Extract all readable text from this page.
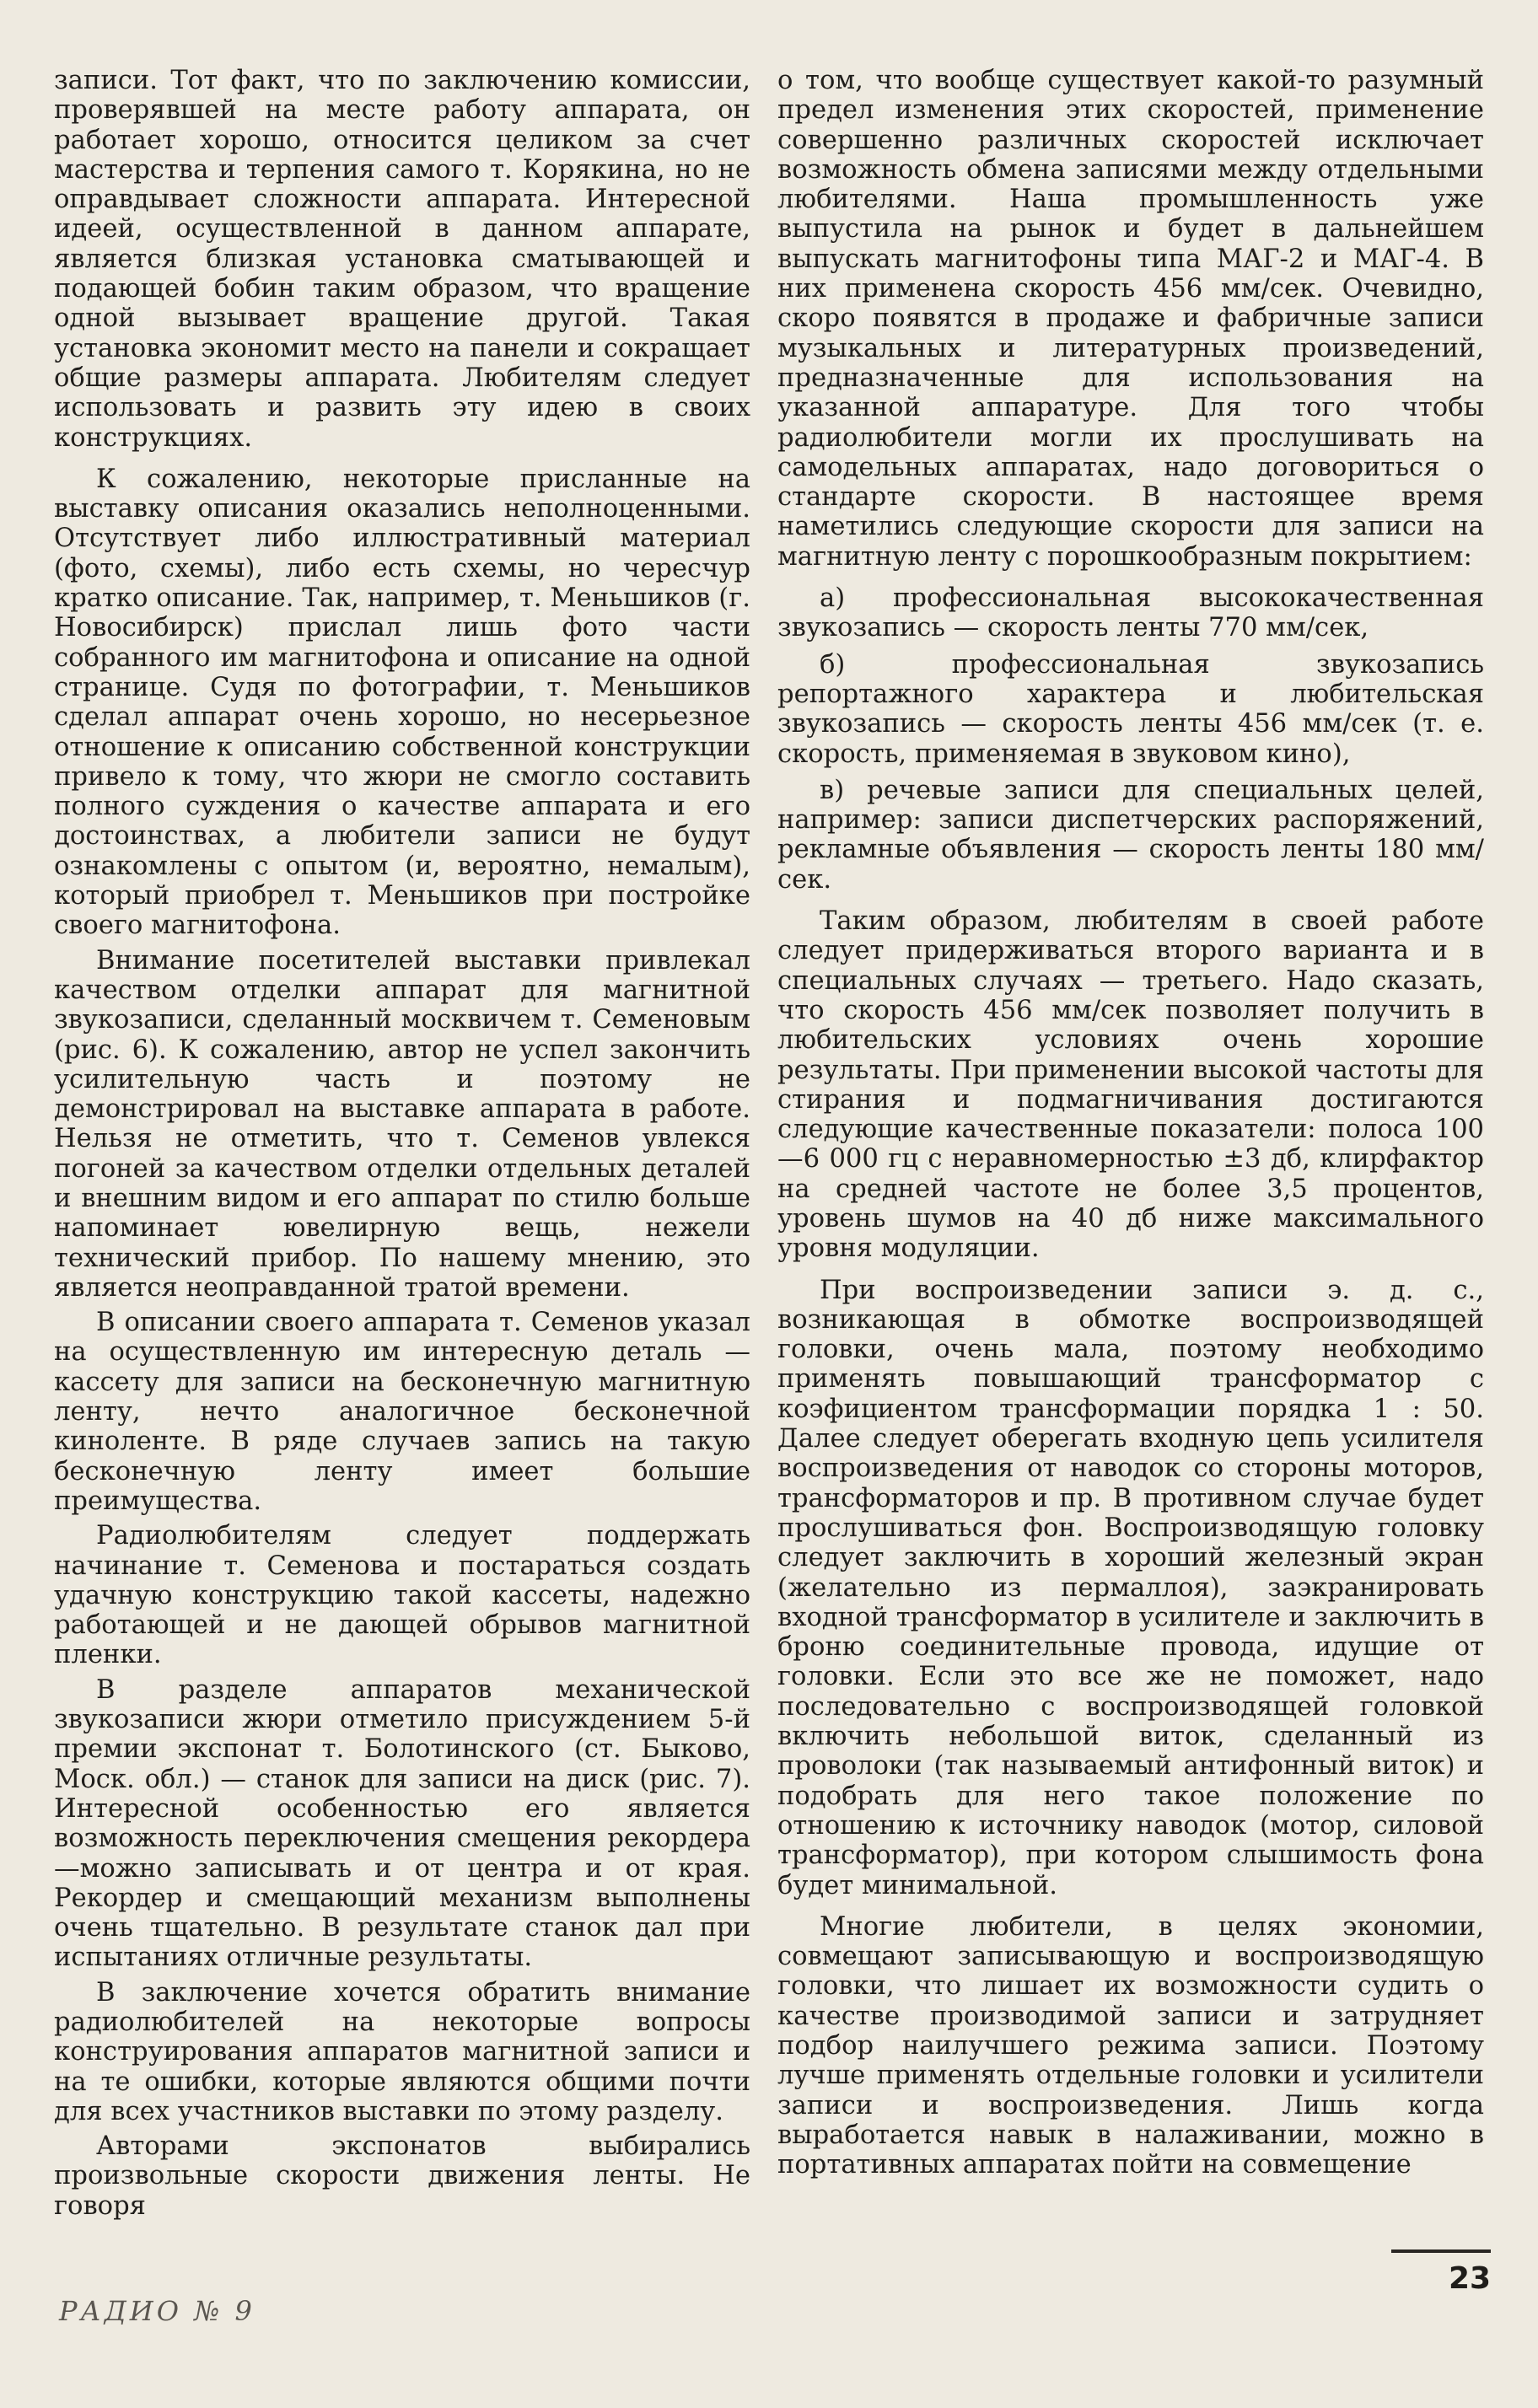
записи. Тот факт, что по заключению комиссии, проверявшей на месте работу аппарата, он работает хорошо, относится целиком за счет мастерства и терпения самого т. Корякина, но не оправдывает сложности аппарата. Интересной идеей, осуществленной в данном аппарате, является близкая установка сматывающей и подающей бобин таким образом, что вращение одной вызывает вращение другой. Такая установка экономит место на панели и сокращает общие размеры аппарата. Любителям следует использовать и развить эту идею в своих конструкциях.

К сожалению, некоторые присланные на выставку описания оказались неполноценными. Отсутствует либо иллюстративный материал (фото, схемы), либо есть схемы, но чересчур кратко описание. Так, например, т. Меньшиков (г. Новосибирск) прислал лишь фото части собранного им магнитофона и описание на одной странице. Судя по фотографии, т. Меньшиков сделал аппарат очень хорошо, но несерьезное отношение к описанию собственной конструкции привело к тому, что жюри не смогло составить полного суждения о качестве аппарата и его достоинствах, а любители записи не будут ознакомлены с опытом (и, вероятно, немалым), который приобрел т. Меньшиков при постройке своего магнитофона.

Внимание посетителей выставки привлекал качеством отделки аппарат для магнитной звукозаписи, сделанный москвичем т. Семеновым (рис. 6). К сожалению, автор не успел закончить усилительную часть и поэтому не демонстрировал на выставке аппарата в работе. Нельзя не отметить, что т. Семенов увлекся погоней за качеством отделки отдельных деталей и внешним видом и его аппарат по стилю больше напоминает ювелирную вещь, нежели технический прибор. По нашему мнению, это является неоправданной тратой времени.

В описании своего аппарата т. Семенов указал на осуществленную им интересную деталь — кассету для записи на бесконечную магнитную ленту, нечто аналогичное бесконечной киноленте. В ряде случаев запись на такую бесконечную ленту имеет большие преимущества.

Радиолюбителям следует поддержать начинание т. Семенова и постараться создать удачную конструкцию такой кассеты, надежно работающей и не дающей обрывов магнитной пленки.

В разделе аппаратов механической звукозаписи жюри отметило присуждением 5-й премии экспонат т. Болотинского (ст. Быково, Моск. обл.) — станок для записи на диск (рис. 7). Интересной особенностью его является возможность переключения смещения рекордера—можно записывать и от центра и от края. Рекордер и смещающий механизм выполнены очень тщательно. В результате станок дал при испытаниях отличные результаты.

В заключение хочется обратить внимание радиолюбителей на некоторые вопросы конструирования аппаратов магнитной записи и на те ошибки, которые являются общими почти для всех участников выставки по этому разделу.

Авторами экспонатов выбирались произвольные скорости движения ленты. Не говоря

о том, что вообще существует какой-то разумный предел изменения этих скоростей, применение совершенно различных скоростей исключает возможность обмена записями между отдельными любителями. Наша промышленность уже выпустила на рынок и будет в дальнейшем выпускать магнитофоны типа МАГ-2 и МАГ-4. В них применена скорость 456 мм/сек. Очевидно, скоро появятся в продаже и фабричные записи музыкальных и литературных произведений, предназначенные для использования на указанной аппаратуре. Для того чтобы радиолюбители могли их прослушивать на самодельных аппаратах, надо договориться о стандарте скорости. В настоящее время наметились следующие скорости для записи на магнитную ленту с порошкообразным покрытием:

а) профессиональная высококачественная звукозапись — скорость ленты 770 мм/сек,

б) профессиональная звукозапись репортажного характера и любительская звукозапись — скорость ленты 456 мм/сек (т. е. скорость, применяемая в звуковом кино),

в) речевые записи для специальных целей, например: записи диспетчерских распоряжений, рекламные объявления — скорость ленты 180 мм/сек.

Таким образом, любителям в своей работе следует придерживаться второго варианта и в специальных случаях — третьего. Надо сказать, что скорость 456 мм/сек позволяет получить в любительских условиях очень хорошие результаты. При применении высокой частоты для стирания и подмагничивания достигаются следующие качественные показатели: полоса 100—6 000 гц с неравномерностью ±3 дб, клирфактор на средней частоте не более 3,5 процентов, уровень шумов на 40 дб ниже максимального уровня модуляции.

При воспроизведении записи э. д. с., возникающая в обмотке воспроизводящей головки, очень мала, поэтому необходимо применять повышающий трансформатор с коэфициентом трансформации порядка 1 : 50. Далее следует оберегать входную цепь усилителя воспроизведения от наводок со стороны моторов, трансформаторов и пр. В противном случае будет прослушиваться фон. Воспроизводящую головку следует заключить в хороший железный экран (желательно из пермаллоя), заэкранировать входной трансформатор в усилителе и заключить в броню соединительные провода, идущие от головки. Если это все же не поможет, надо последовательно с воспроизводящей головкой включить небольшой виток, сделанный из проволоки (так называемый антифонный виток) и подобрать для него такое положение по отношению к источнику наводок (мотор, силовой трансформатор), при котором слышимость фона будет минимальной.

Многие любители, в целях экономии, совмещают записывающую и воспроизводящую головки, что лишает их возможности судить о качестве производимой записи и затрудняет подбор наилучшего режима записи. Поэтому лучше применять отдельные головки и усилители записи и воспроизведения. Лишь когда выработается навык в налаживании, можно в портативных аппаратах пойти на совмещение

РАДИО № 9
23
